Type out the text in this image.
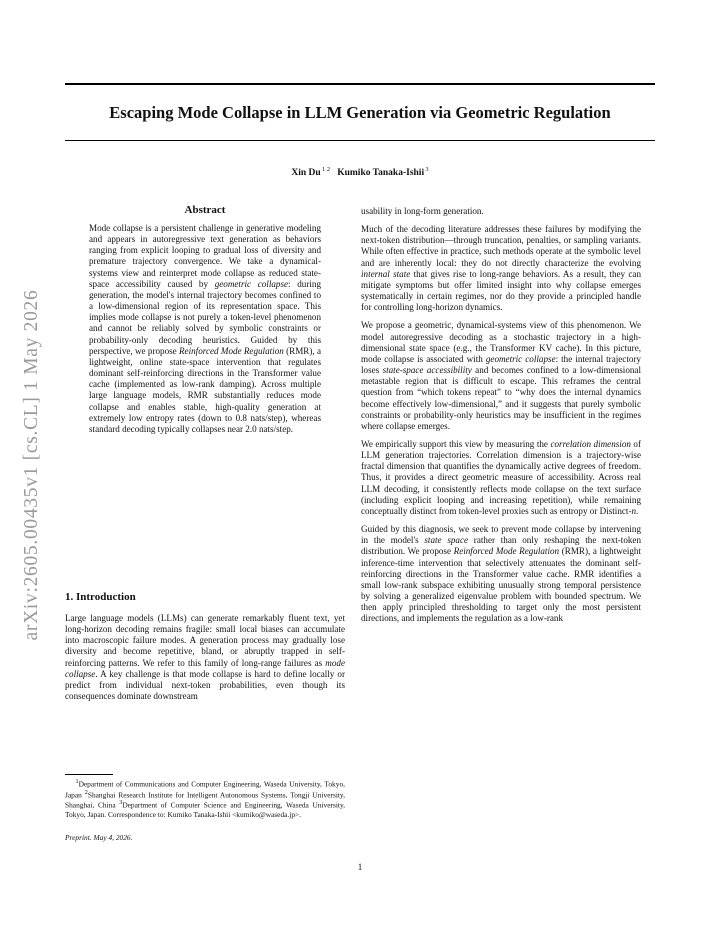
arXiv:2605.00435v1 [cs.CL] 1 May 2026
Escaping Mode Collapse in LLM Generation via Geometric Regulation
Xin Du $^{1 2}$ Kumiko Tanaka-Ishii $^3$
Abstract
Mode collapse is a persistent challenge in generative modeling and appears in autoregressive text generation as behaviors ranging from explicit looping to gradual loss of diversity and premature trajectory convergence. We take a dynamical-systems view and reinterpret mode collapse as reduced state-space accessibility caused by geometric collapse: during generation, the model's internal trajectory becomes confined to a low-dimensional region of its representation space. This implies mode collapse is not purely a token-level phenomenon and cannot be reliably solved by symbolic constraints or probability-only decoding heuristics. Guided by this perspective, we propose Reinforced Mode Regulation (RMR), a lightweight, online state-space intervention that regulates dominant self-reinforcing directions in the Transformer value cache (implemented as low-rank damping). Across multiple large language models, RMR substantially reduces mode collapse and enables stable, high-quality generation at extremely low entropy rates (down to 0.8 nats/step), whereas standard decoding typically collapses near 2.0 nats/step.
1. Introduction
Large language models (LLMs) can generate remarkably fluent text, yet long-horizon decoding remains fragile: small local biases can accumulate into macroscopic failure modes. A generation process may gradually lose diversity and become repetitive, bland, or abruptly trapped in self-reinforcing patterns. We refer to this family of long-range failures as mode collapse. A key challenge is that mode collapse is hard to define locally or predict from individual next-token probabilities, even though its consequences dominate downstream
$^1$Department of Communications and Computer Engineering, Waseda University, Tokyo, Japan $^2$Shanghai Research Institute for Intelligent Autonomous Systems, Tongji University, Shanghai, China $^3$Department of Computer Science and Engineering, Waseda University, Tokyo, Japan. Correspondence to: Kumiko Tanaka-Ishii <kumiko@waseda.jp>.
Preprint. May 4, 2026.

usability in long-form generation.

Much of the decoding literature addresses these failures by modifying the next-token distribution—through truncation, penalties, or sampling variants. While often effective in practice, such methods operate at the symbolic level and are inherently local: they do not directly characterize the evolving internal state that gives rise to long-range behaviors. As a result, they can mitigate symptoms but offer limited insight into why collapse emerges systematically in certain regimes, nor do they provide a principled handle for controlling long-horizon dynamics.

We propose a geometric, dynamical-systems view of this phenomenon. We model autoregressive decoding as a stochastic trajectory in a high-dimensional state space (e.g., the Transformer KV cache). In this picture, mode collapse is associated with geometric collapse: the internal trajectory loses state-space accessibility and becomes confined to a low-dimensional metastable region that is difficult to escape. This reframes the central question from “which tokens repeat” to “why does the internal dynamics become effectively low-dimensional,” and it suggests that purely symbolic constraints or probability-only heuristics may be insufficient in the regimes where collapse emerges.

We empirically support this view by measuring the correlation dimension of LLM generation trajectories. Correlation dimension is a trajectory-wise fractal dimension that quantifies the dynamically active degrees of freedom. Thus, it provides a direct geometric measure of accessibility. Across real LLM decoding, it consistently reflects mode collapse on the text surface (including explicit looping and increasing repetition), while remaining conceptually distinct from token-level proxies such as entropy or Distinct-n.

Guided by this diagnosis, we seek to prevent mode collapse by intervening in the model's state space rather than only reshaping the next-token distribution. We propose Reinforced Mode Regulation (RMR), a lightweight inference-time intervention that selectively attenuates the dominant self-reinforcing directions in the Transformer value cache. RMR identifies a small low-rank subspace exhibiting unusually strong temporal persistence by solving a generalized eigenvalue problem with bounded spectrum. We then apply principled thresholding to target only the most persistent directions, and implements the regulation as a low-rank

1
